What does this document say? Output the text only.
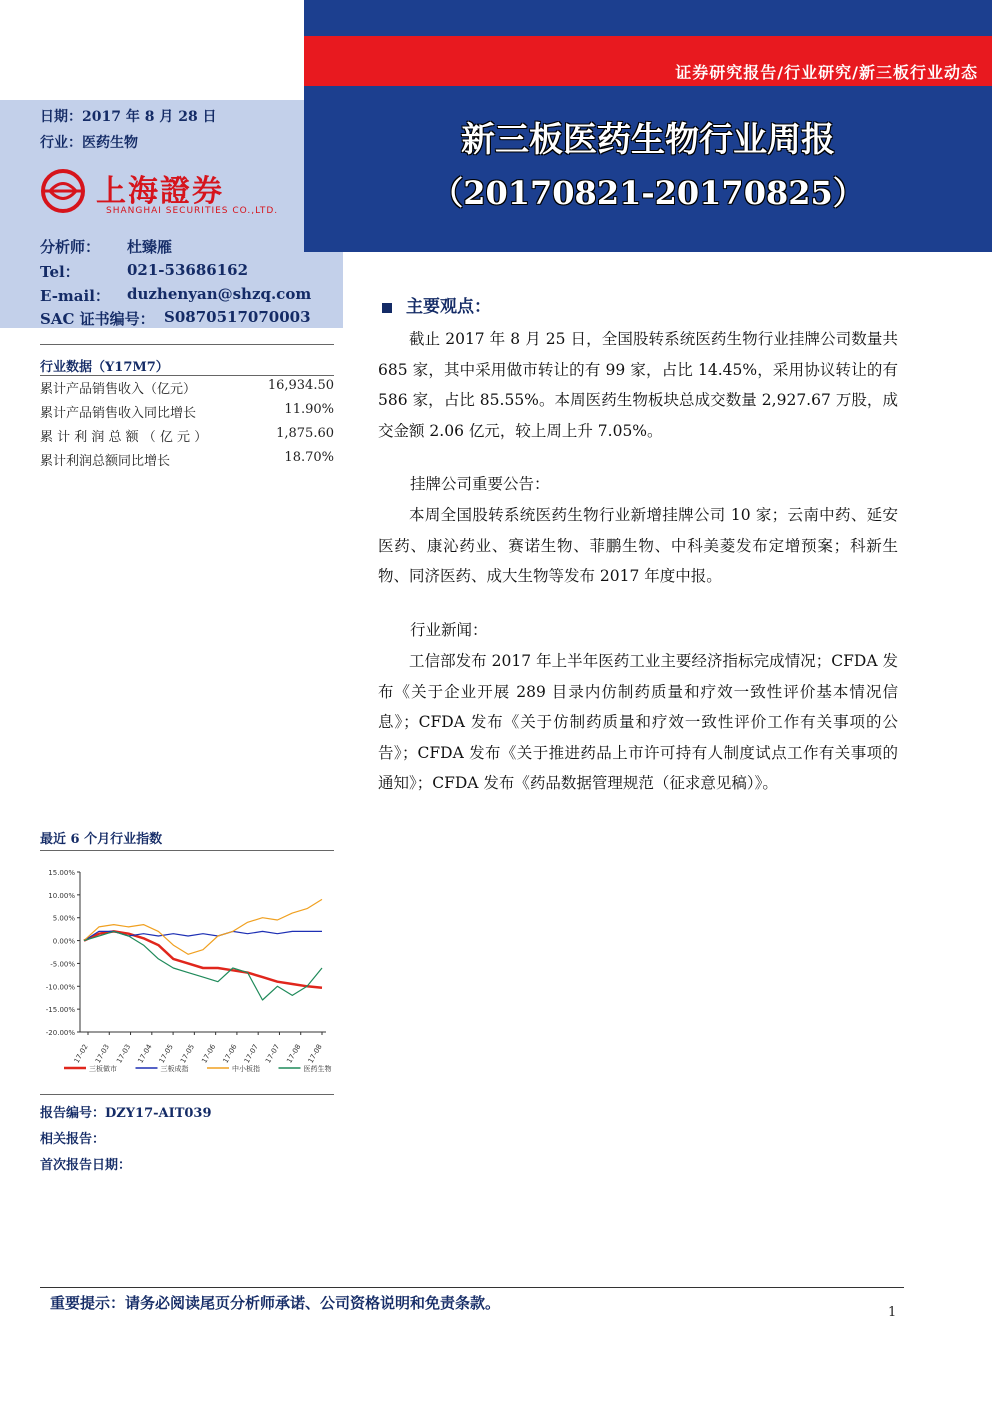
证券研究报告/行业研究/新三板行业动态
新三板医药生物行业周报
（20170821-20170825）
日期：2017 年 8 月 28 日
行业：医药生物
上海證券
SHANGHAI SECURITIES CO.,LTD.
分析师： 杜臻雁
Tel：	021-53686162
E-mail： duzhenyan@shzq.com
SAC 证书编号： S0870517070003
行业数据（Y17M7）
累计产品销售收入（亿元）	16,934.50
累计产品销售收入同比增长	11.90%
累 计 利 润 总 额 （ 亿 元 ）	1,875.60
累计利润总额同比增长	18.70%
主要观点：

截止 2017 年 8 月 25 日，全国股转系统医药生物行业挂牌公司数量共 685 家，其中采用做市转让的有 99 家，占比 14.45%，采用协议转让的有 586 家，占比 85.55%。本周医药生物板块总成交数量 2,927.67 万股，成交金额 2.06 亿元，较上周上升 7.05%。

挂牌公司重要公告：

本周全国股转系统医药生物行业新增挂牌公司 10 家；云南中药、延安医药、康沁药业、赛诺生物、菲鹏生物、中科美菱发布定增预案；科新生物、同济医药、成大生物等发布 2017 年度中报。

行业新闻：

工信部发布 2017 年上半年医药工业主要经济指标完成情况；CFDA 发布《关于企业开展 289 目录内仿制药质量和疗效一致性评价基本情况信息》；CFDA 发布《关于仿制药质量和疗效一致性评价工作有关事项的公告》；CFDA 发布《关于推进药品上市许可持有人制度试点工作有关事项的通知》；CFDA 发布《药品数据管理规范（征求意见稿）》。

最近 6 个月行业指数
15.00%
10.00%
5.00%
0.00%
-5.00%
-10.00%
-15.00%
-20.00%
17-02 17-03 17-03 17-04 17-05 17-05 17-06 17-06 17-07 17-07 17-08 17-08
三板做市	三板成指	中小板指	医药生物
报告编号：DZY17-AIT039
相关报告：
首次报告日期：
重要提示：请务必阅读尾页分析师承诺、公司资格说明和免责条款。
1
